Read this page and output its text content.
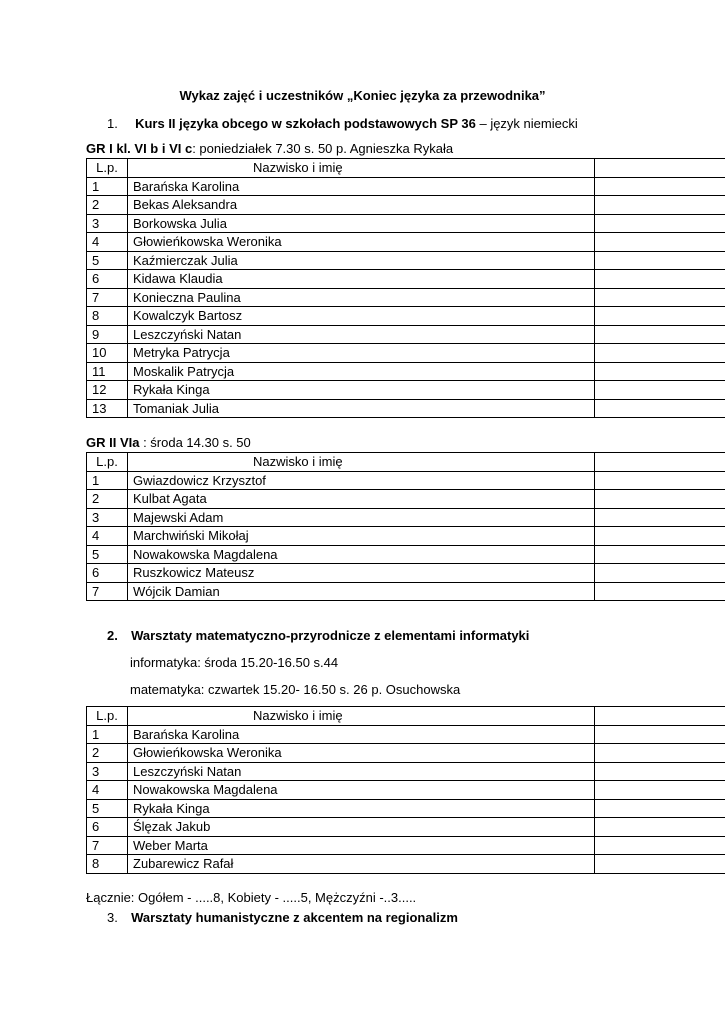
Wykaz zajęć i uczestników „Koniec języka za przewodnika”
1. Kurs II języka obcego w szkołach podstawowych SP 36 – język niemiecki
GR I kl. VI b i VI c: poniedziałek 7.30 s. 50 p. Agnieszka Rykała
L.p.	Nazwisko i imię	
1	Barańska Karolina	
2	Bekas Aleksandra	
3	Borkowska Julia	
4	Głowieńkowska Weronika	
5	Kaźmierczak Julia	
6	Kidawa Klaudia	
7	Konieczna Paulina	
8	Kowalczyk Bartosz	
9	Leszczyński Natan	
10	Metryka Patrycja	
11	Moskalik Patrycja	
12	Rykała Kinga	
13	Tomaniak Julia	
GR II VIa : środa 14.30 s. 50
L.p.	Nazwisko i imię	
1	Gwiazdowicz Krzysztof	
2	Kulbat Agata	
3	Majewski Adam	
4	Marchwiński Mikołaj	
5	Nowakowska Magdalena	
6	Ruszkowicz Mateusz	
7	Wójcik Damian	
2. Warsztaty matematyczno-przyrodnicze z elementami informatyki
informatyka: środa 15.20-16.50 s.44
matematyka: czwartek 15.20- 16.50 s. 26 p. Osuchowska
L.p.	Nazwisko i imię	
1	Barańska Karolina	
2	Głowieńkowska Weronika	
3	Leszczyński Natan	
4	Nowakowska Magdalena	
5	Rykała Kinga	
6	Ślęzak Jakub	
7	Weber Marta	
8	Zubarewicz Rafał	
Łącznie: Ogółem - .....8, Kobiety - .....5, Mężczyźni -..3.....
3. Warsztaty humanistyczne z akcentem na regionalizm
